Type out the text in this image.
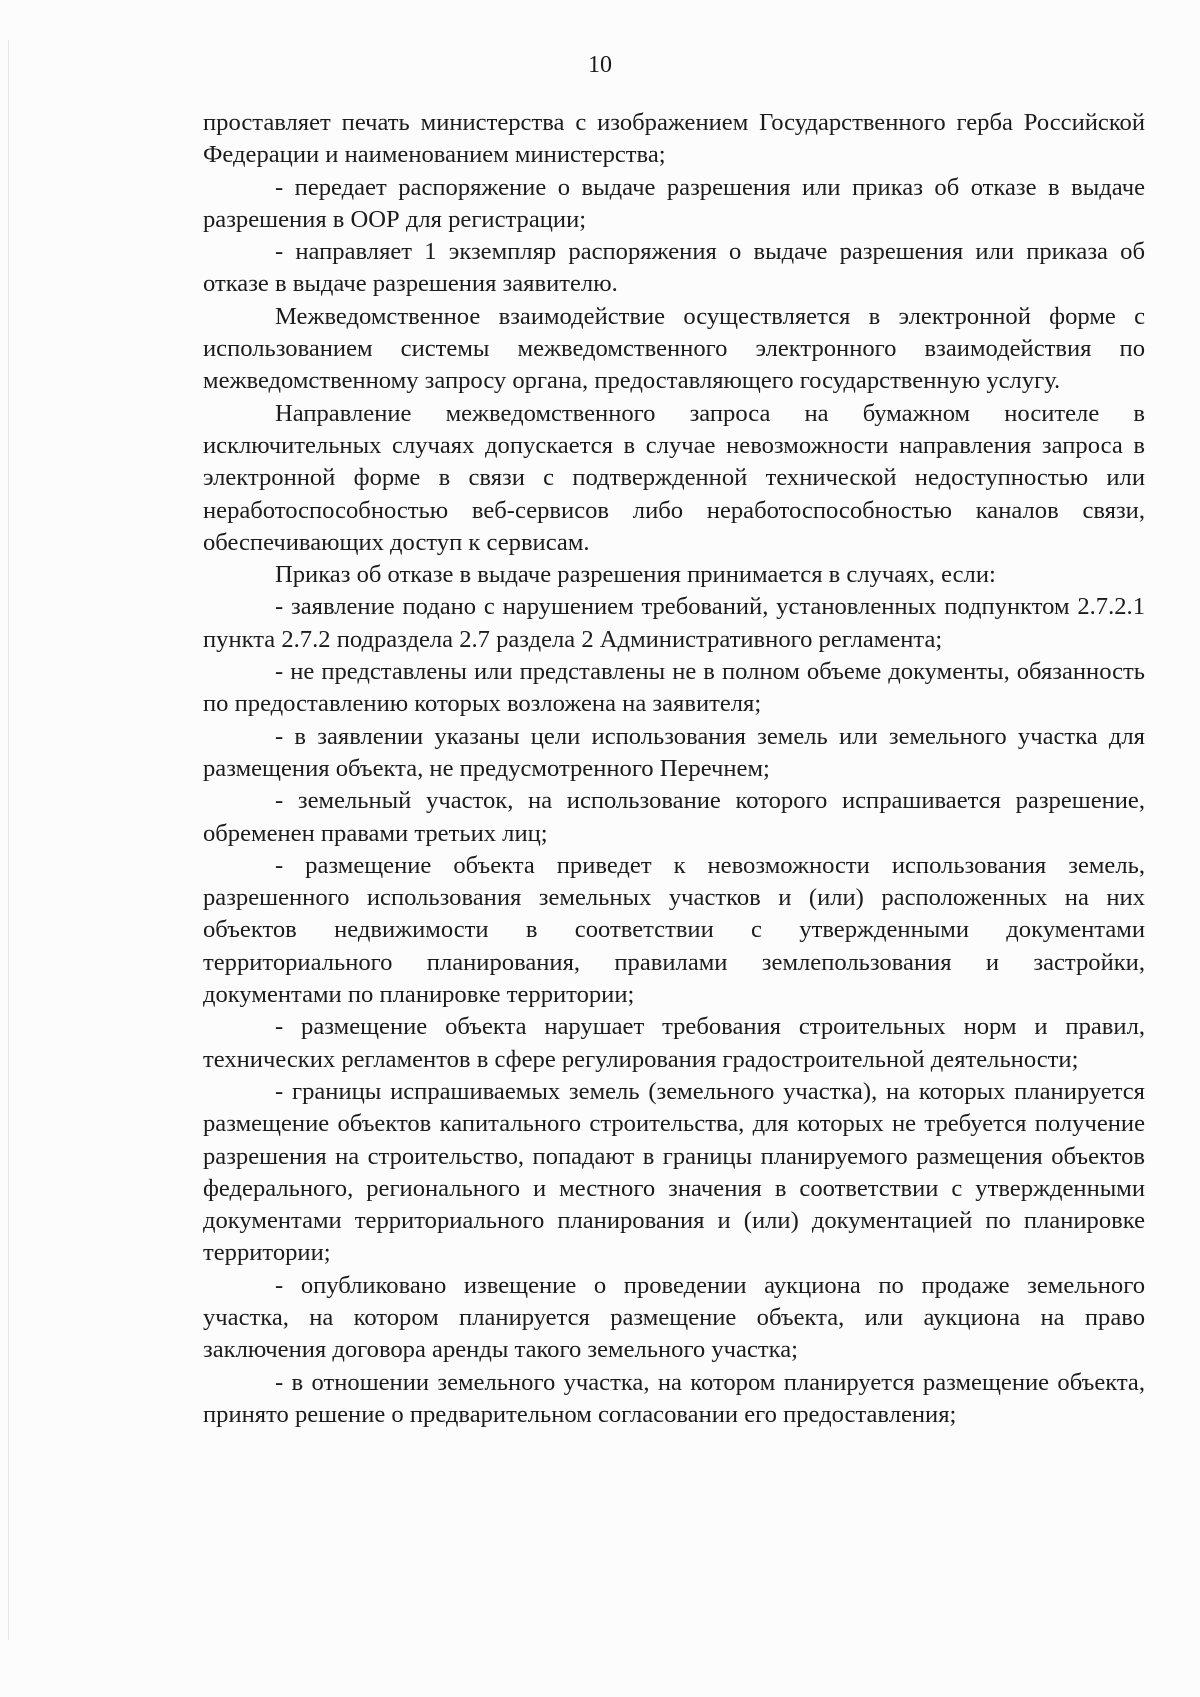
10

проставляет печать министерства с изображением Государственного герба Российской Федерации и наименованием министерства;

- передает распоряжение о выдаче разрешения или приказ об отказе в выдаче разрешения в ООР для регистрации;

- направляет 1 экземпляр распоряжения о выдаче разрешения или приказа об отказе в выдаче разрешения заявителю.

Межведомственное взаимодействие осуществляется в электронной форме с использованием системы межведомственного электронного взаимодействия по межведомственному запросу органа, предоставляющего государственную услугу.

Направление межведомственного запроса на бумажном носителе в исключительных случаях допускается в случае невозможности направления запроса в электронной форме в связи с подтвержденной технической недоступностью или неработоспособностью веб-сервисов либо неработоспособностью каналов связи, обеспечивающих доступ к сервисам.

Приказ об отказе в выдаче разрешения принимается в случаях, если:

- заявление подано с нарушением требований, установленных подпунктом 2.7.2.1 пункта 2.7.2 подраздела 2.7 раздела 2 Административного регламента;

- не представлены или представлены не в полном объеме документы, обязанность по предоставлению которых возложена на заявителя;

- в заявлении указаны цели использования земель или земельного участка для размещения объекта, не предусмотренного Перечнем;

- земельный участок, на использование которого испрашивается разрешение, обременен правами третьих лиц;

- размещение объекта приведет к невозможности использования земель, разрешенного использования земельных участков и (или) расположенных на них объектов недвижимости в соответствии с утвержденными документами территориального планирования, правилами землепользования и застройки, документами по планировке территории;

- размещение объекта нарушает требования строительных норм и правил, технических регламентов в сфере регулирования градостроительной деятельности;

- границы испрашиваемых земель (земельного участка), на которых планируется размещение объектов капитального строительства, для которых не требуется получение разрешения на строительство, попадают в границы планируемого размещения объектов федерального, регионального и местного значения в соответствии с утвержденными документами территориального планирования и (или) документацией по планировке территории;

- опубликовано извещение о проведении аукциона по продаже земельного участка, на котором планируется размещение объекта, или аукциона на право заключения договора аренды такого земельного участка;

- в отношении земельного участка, на котором планируется размещение объекта, принято решение о предварительном согласовании его предоставления;
